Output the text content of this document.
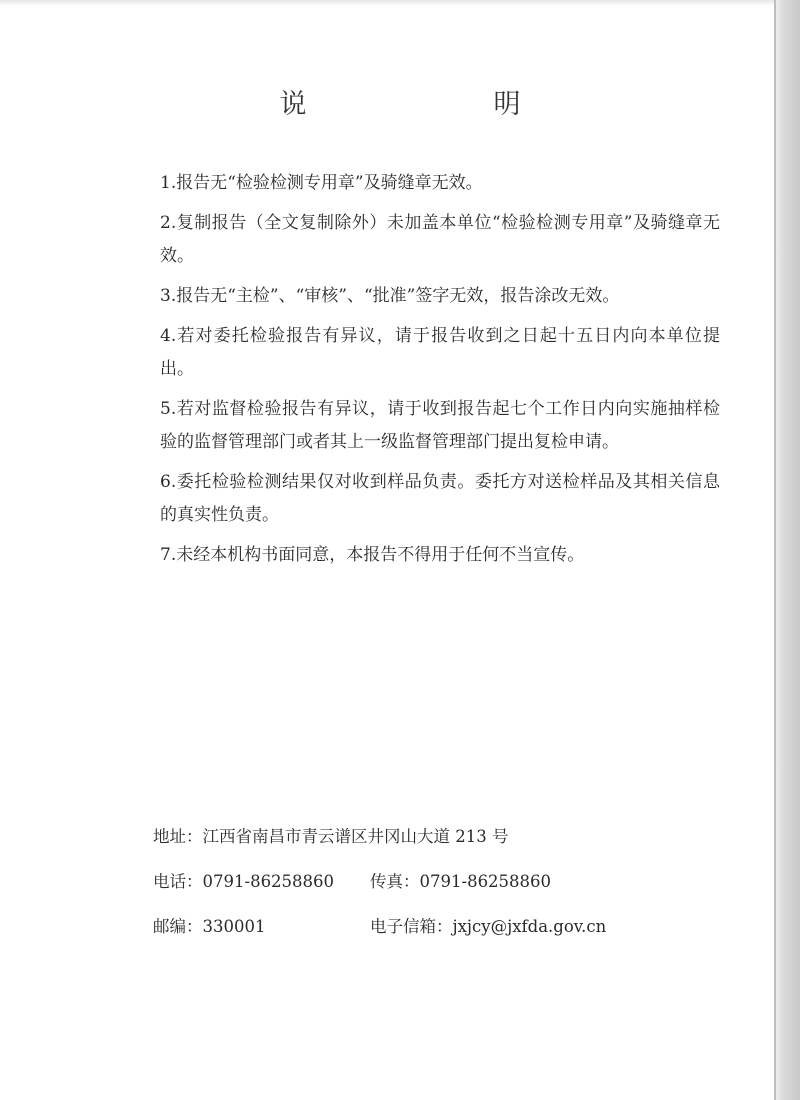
说　明
1.报告无“检验检测专用章”及骑缝章无效。
2.复制报告（全文复制除外）未加盖本单位“检验检测专用章”及骑缝章无效。
3.报告无“主检”、“审核”、“批准”签字无效，报告涂改无效。
4.若对委托检验报告有异议，请于报告收到之日起十五日内向本单位提出。
5.若对监督检验报告有异议，请于收到报告起七个工作日内向实施抽样检验的监督管理部门或者其上一级监督管理部门提出复检申请。
6.委托检验检测结果仅对收到样品负责。委托方对送检样品及其相关信息的真实性负责。
7.未经本机构书面同意，本报告不得用于任何不当宣传。
地址：江西省南昌市青云谱区井冈山大道 213 号
电话：0791-86258860 传真：0791-86258860
邮编：330001	电子信箱：jxjcy@jxfda.gov.cn
